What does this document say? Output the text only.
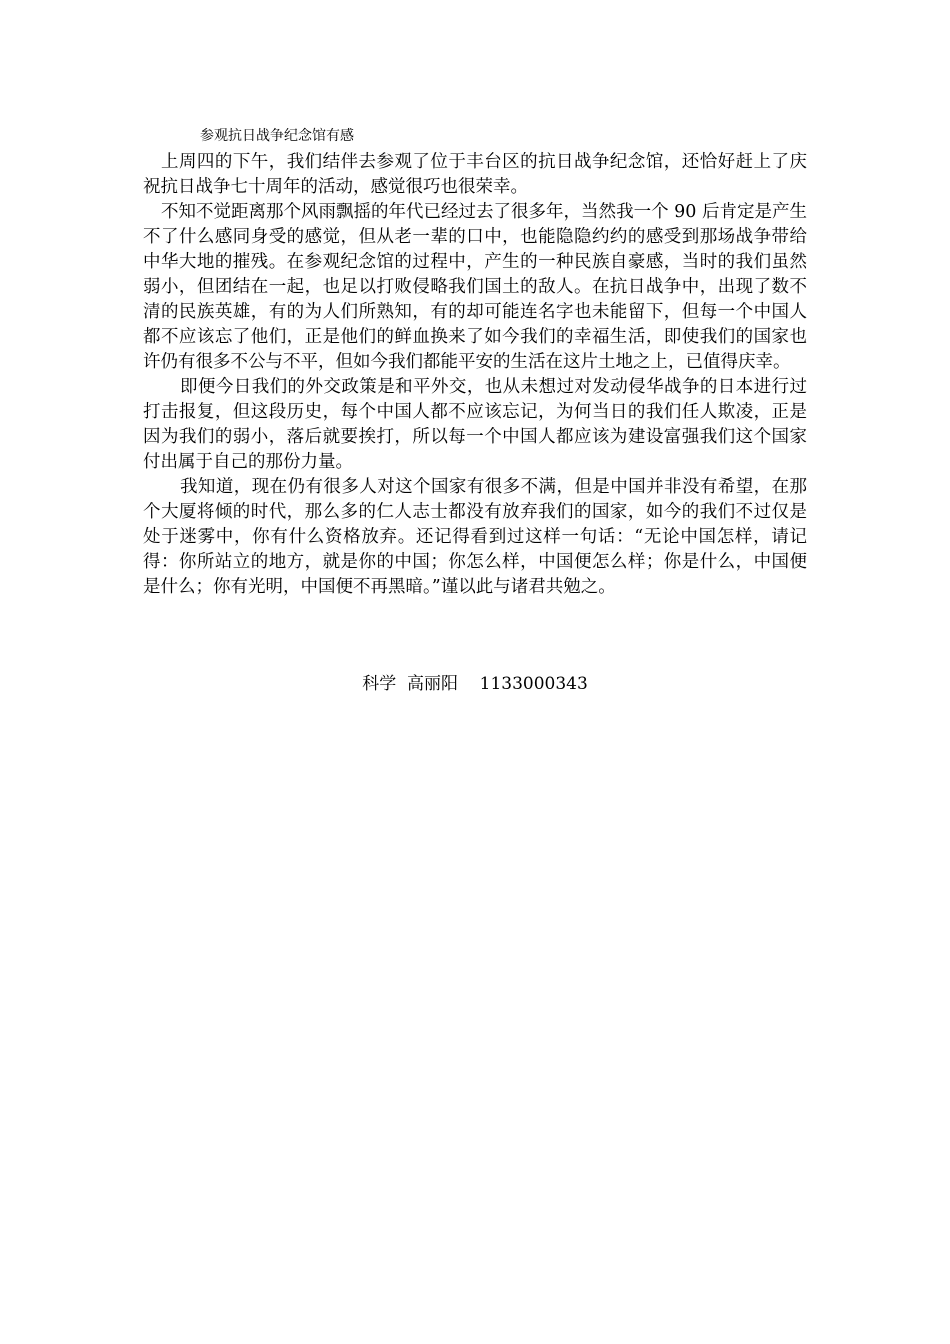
参观抗日战争纪念馆有感

上周四的下午，我们结伴去参观了位于丰台区的抗日战争纪念馆，还恰好赶上了庆祝抗日战争七十周年的活动，感觉很巧也很荣幸。

不知不觉距离那个风雨飘摇的年代已经过去了很多年，当然我一个 90 后肯定是产生不了什么感同身受的感觉，但从老一辈的口中，也能隐隐约约的感受到那场战争带给中华大地的摧残。在参观纪念馆的过程中，产生的一种民族自豪感，当时的我们虽然弱小，但团结在一起，也足以打败侵略我们国土的敌人。在抗日战争中，出现了数不清的民族英雄，有的为人们所熟知，有的却可能连名字也未能留下，但每一个中国人都不应该忘了他们，正是他们的鲜血换来了如今我们的幸福生活，即使我们的国家也许仍有很多不公与不平，但如今我们都能平安的生活在这片土地之上，已值得庆幸。

即便今日我们的外交政策是和平外交，也从未想过对发动侵华战争的日本进行过打击报复，但这段历史，每个中国人都不应该忘记，为何当日的我们任人欺凌，正是因为我们的弱小，落后就要挨打，所以每一个中国人都应该为建设富强我们这个国家付出属于自己的那份力量。

我知道，现在仍有很多人对这个国家有很多不满，但是中国并非没有希望，在那个大厦将倾的时代，那么多的仁人志士都没有放弃我们的国家，如今的我们不过仅是处于迷雾中，你有什么资格放弃。还记得看到过这样一句话：“无论中国怎样，请记得：你所站立的地方，就是你的中国；你怎么样，中国便怎么样；你是什么，中国便是什么；你有光明，中国便不再黑暗。”谨以此与诸君共勉之。

科学  高丽阳    1133000343
